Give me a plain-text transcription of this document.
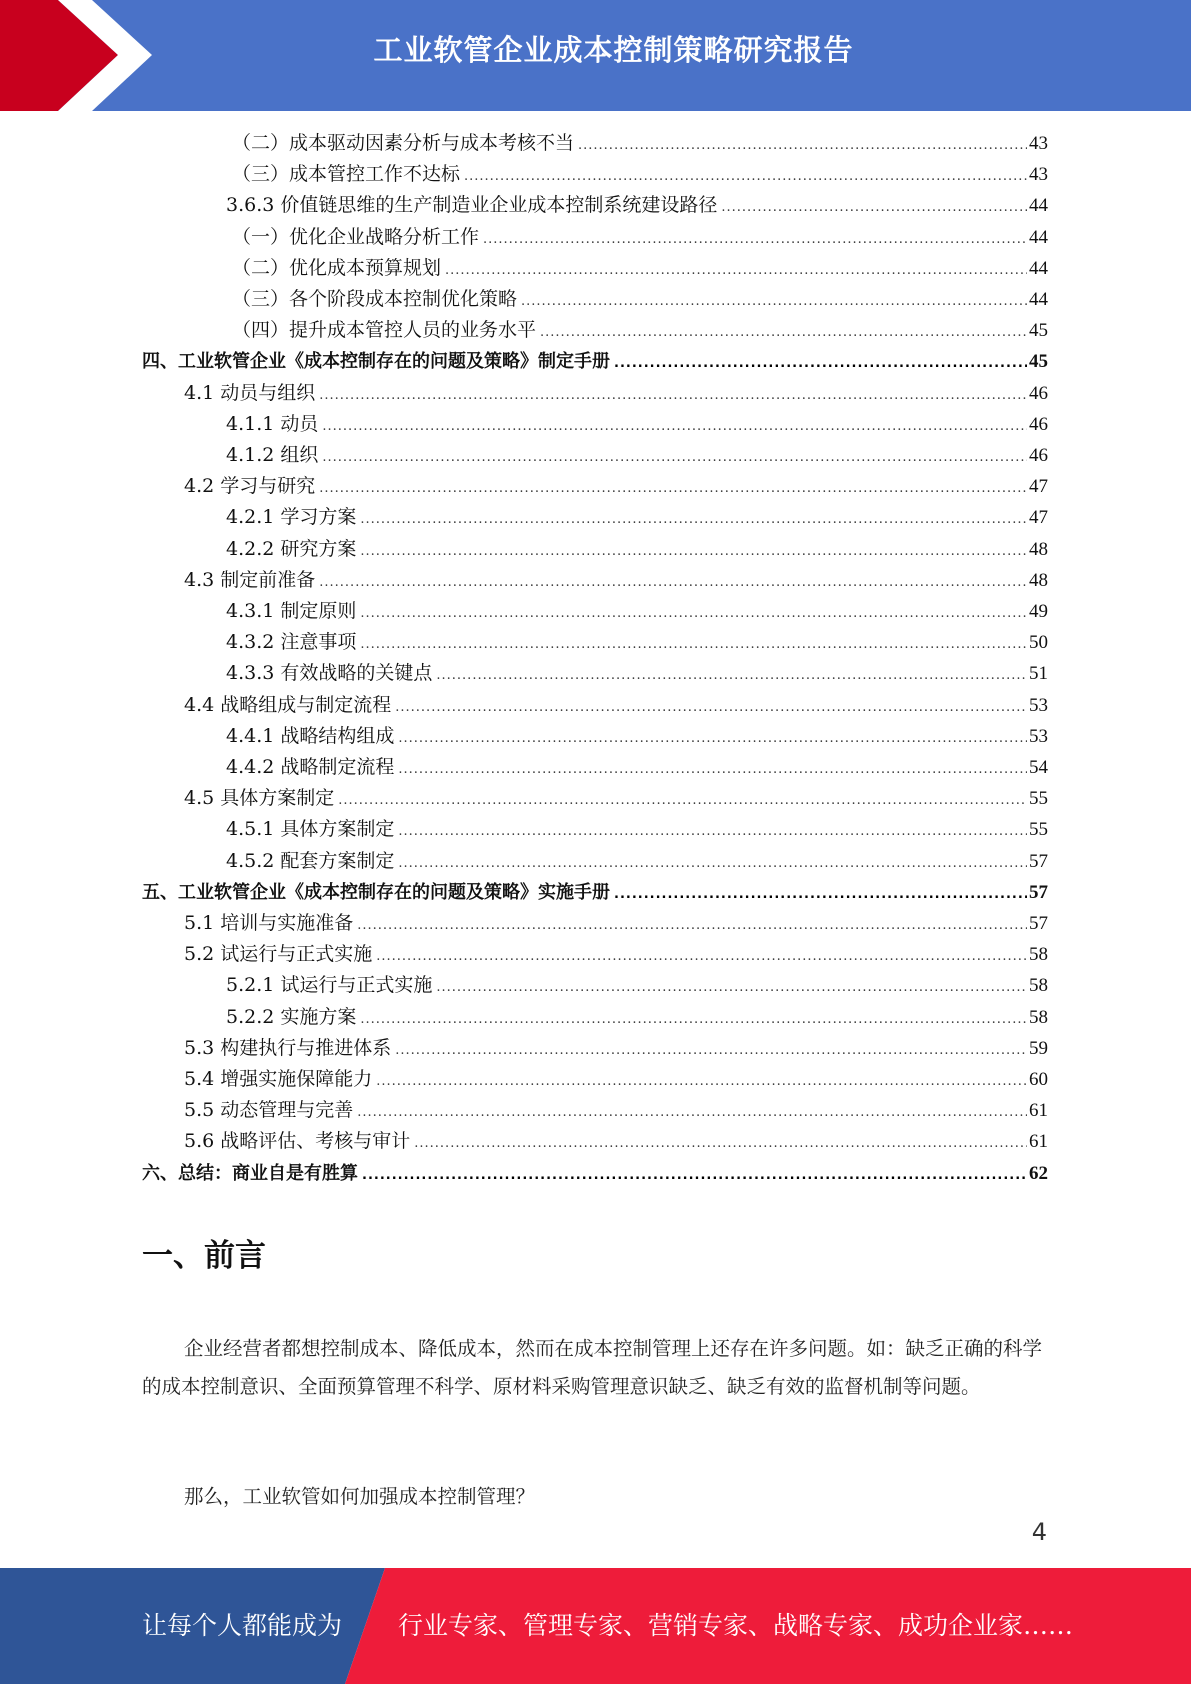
工业软管企业成本控制策略研究报告
（二）成本驱动因素分析与成本考核不当 .....	43
（三）成本管控工作不达标 .....	43
3.6.3 价值链思维的生产制造业企业成本控制系统建设路径 .....	44
（一）优化企业战略分析工作 .....	44
（二）优化成本预算规划 .....	44
（三）各个阶段成本控制优化策略 .....	44
（四）提升成本管控人员的业务水平 .....	45
四、工业软管企业《成本控制存在的问题及策略》制定手册 .....	45
4.1 动员与组织 .....	46
4.1.1 动员 .....	46
4.1.2 组织 .....	46
4.2 学习与研究 .....	47
4.2.1 学习方案 .....	47
4.2.2 研究方案 .....	48
4.3 制定前准备 .....	48
4.3.1 制定原则 .....	49
4.3.2 注意事项 .....	50
4.3.3 有效战略的关键点 .....	51
4.4 战略组成与制定流程 .....	53
4.4.1 战略结构组成 .....	53
4.4.2 战略制定流程 .....	54
4.5 具体方案制定 .....	55
4.5.1 具体方案制定 .....	55
4.5.2 配套方案制定 .....	57
五、工业软管企业《成本控制存在的问题及策略》实施手册 .....	57
5.1 培训与实施准备 .....	57
5.2 试运行与正式实施 .....	58
5.2.1 试运行与正式实施 .....	58
5.2.2 实施方案 .....	58
5.3 构建执行与推进体系 .....	59
5.4 增强实施保障能力 .....	60
5.5 动态管理与完善 .....	61
5.6 战略评估、考核与审计 .....	61
六、总结：商业自是有胜算 .....	62
一、前言
企业经营者都想控制成本、降低成本，然而在成本控制管理上还存在许多问题。如：缺乏正确的科学的成本控制意识、全面预算管理不科学、原材料采购管理意识缺乏、缺乏有效的监督机制等问题。
那么，工业软管如何加强成本控制管理？
4
让每个人都能成为 行业专家、管理专家、营销专家、战略专家、成功企业家……
